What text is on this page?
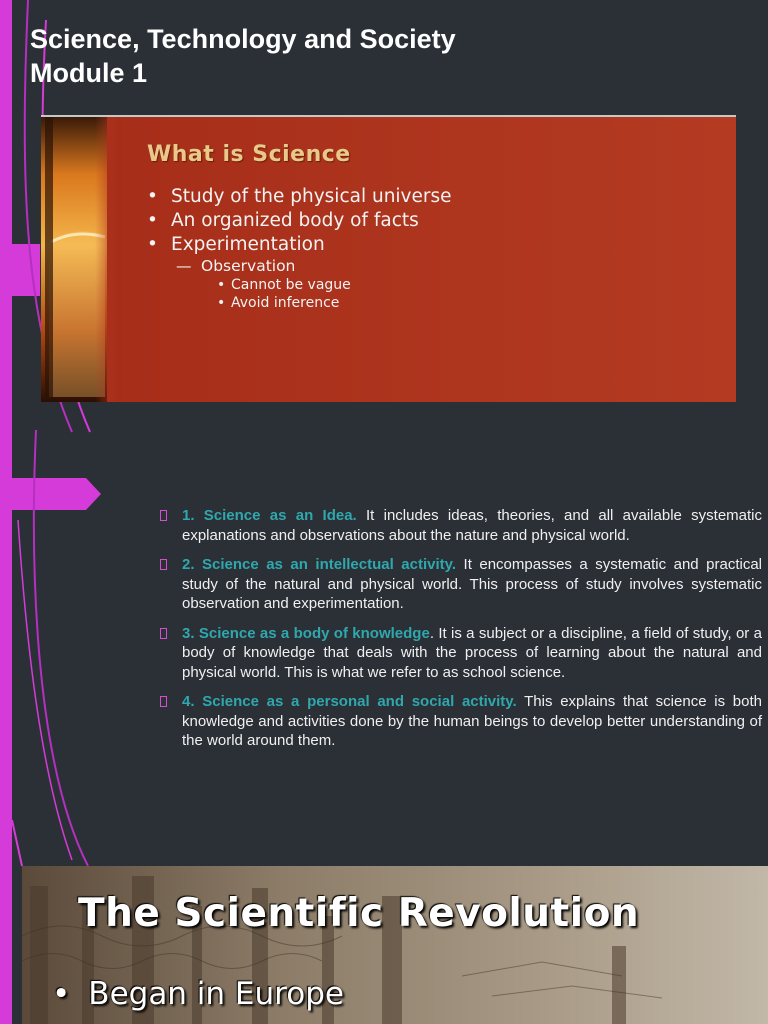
Science, Technology and Society
Module 1
What is Science
• Study of the physical universe
• An organized body of facts
• Experimentation
— Observation
• Cannot be vague
• Avoid inference

1. Science as an Idea. It includes ideas, theories, and all available systematic explanations and observations about the nature and physical world.

2. Science as an intellectual activity. It encompasses a systematic and practical study of the natural and physical world. This process of study involves systematic observation and experimentation.

3. Science as a body of knowledge. It is a subject or a discipline, a field of study, or a body of knowledge that deals with the process of learning about the natural and physical world. This is what we refer to as school science.

4. Science as a personal and social activity. This explains that science is both knowledge and activities done by the human beings to develop better understanding of the world around them.

The Scientific Revolution

• Began in Europe
